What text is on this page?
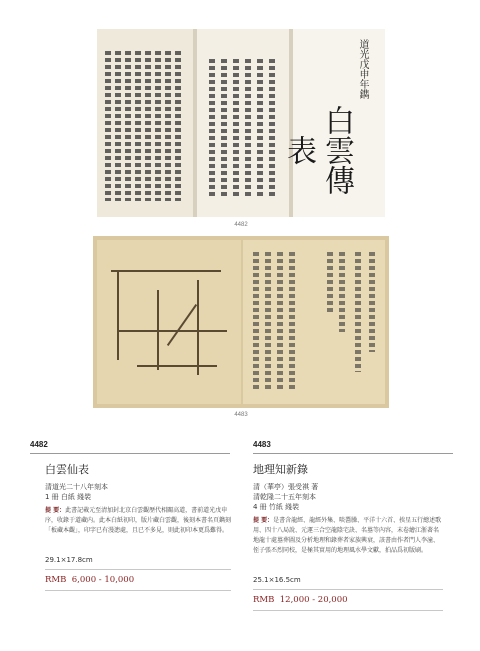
白雲傳表
道光戊申年鐫
4482
4483
4482
白雲仙表
清道光二十八年刻本
1 冊 白紙 綫裝
提 要：此書記載元至清加封北京白雲觀歷代相關高道，書前道光戊申序，收錄于道藏内。此本白紙初印，版片藏白雲觀，後刻本書名頁鐫刻「板藏本觀」，印字已有漫漶處，且已不多見，則此初印本更爲難得。
29.1×17.8cm
RMB 6,000 - 10,000
4483
地理知新錄
清（華亭）張受祺 著
清乾隆二十五年刻本
4 冊 竹紙 綫裝
提 要：是書含龍經、龍經外集、啖醬臊、平洋十六首、挨星五行總述歌用、四十八局說、元運三合空龍陰宅訣、名墓等內容，末卷繪江浙著名地龍十處墓葬圖及分析地理和錄葬者家族興衰，該書由作者門人李潼、侄子張丕烈同校，是極其實用的地理風水學文獻，拍品爲初版刷。
25.1×16.5cm
RMB 12,000 - 20,000
